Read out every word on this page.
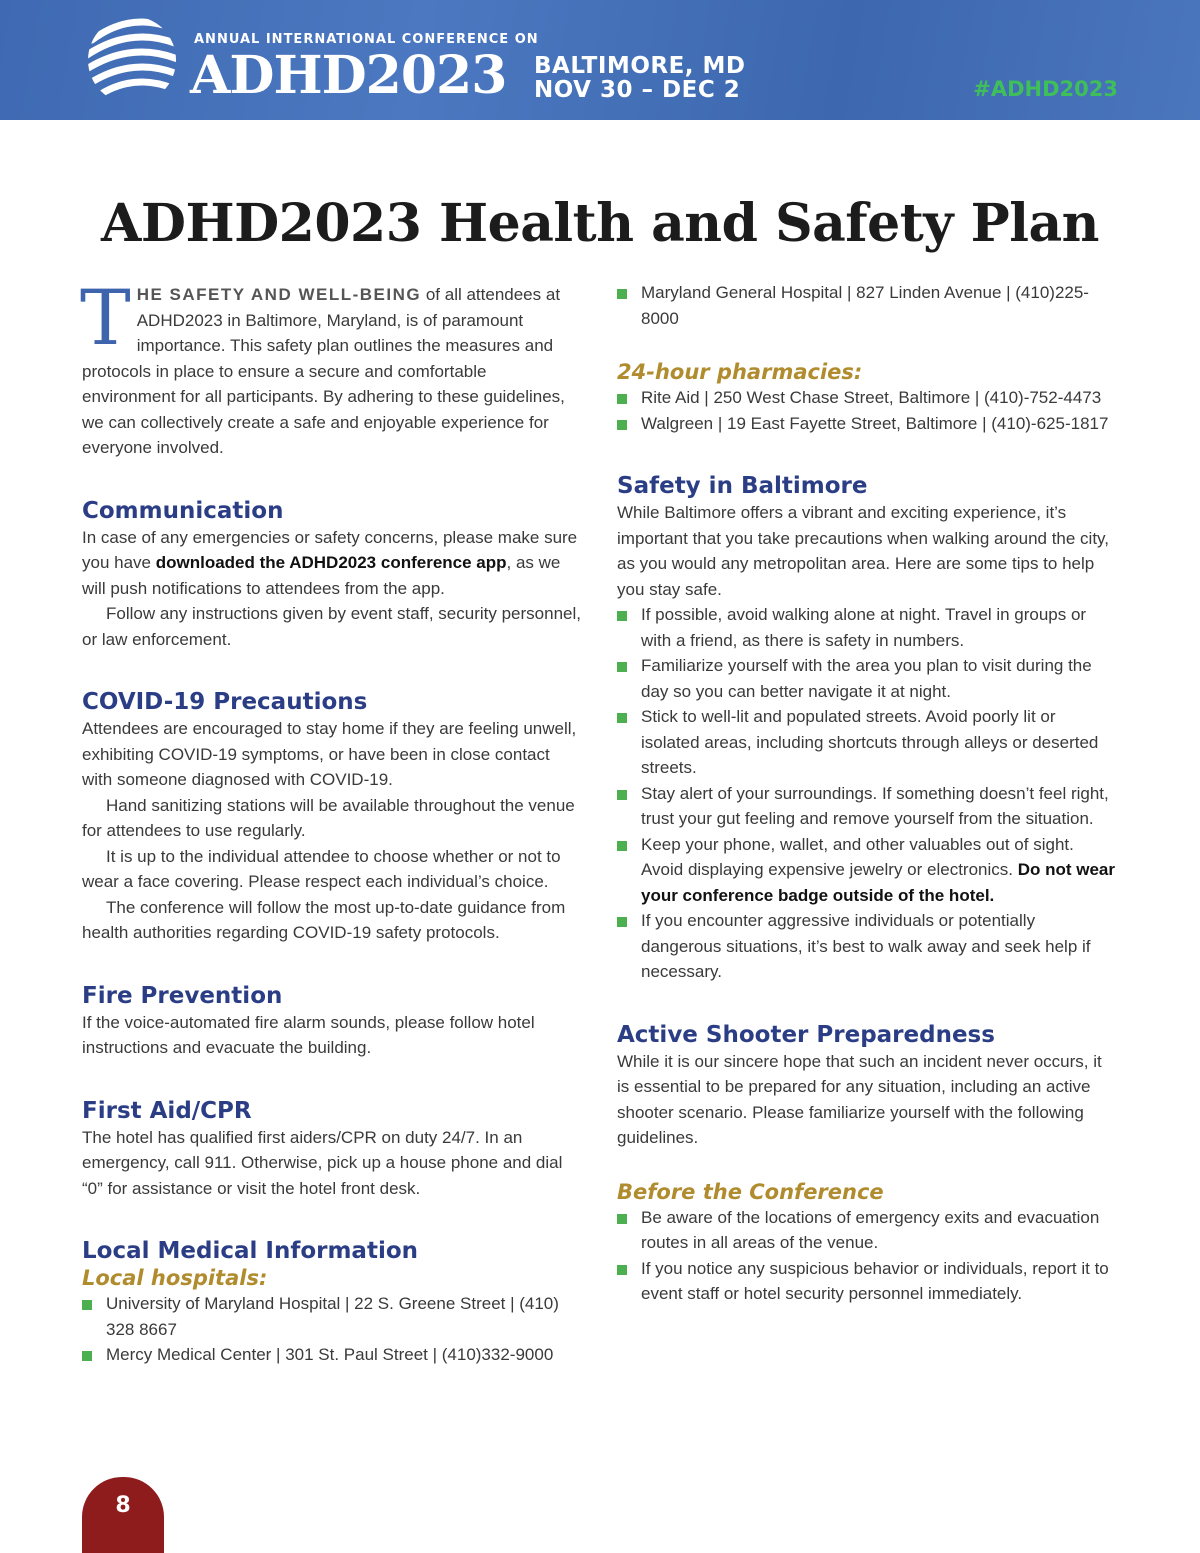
ANNUAL INTERNATIONAL CONFERENCE ON
ADHD2023 BALTIMORE, MD
NOV 30 – DEC 2	#ADHD2023
ADHD2023 Health and Safety Plan

THE SAFETY AND WELL-BEING of all attendees at ADHD2023 in Baltimore, Maryland, is of paramount importance. This safety plan outlines the measures and protocols in place to ensure a secure and comfortable environment for all participants. By adhering to these guidelines, we can collectively create a safe and enjoyable experience for everyone involved.

Communication

In case of any emergencies or safety concerns, please make sure you have downloaded the ADHD2023 conference app, as we will push notifications to attendees from the app.

Follow any instructions given by event staff, security personnel, or law enforcement.

COVID-19 Precautions

Attendees are encouraged to stay home if they are feeling unwell, exhibiting COVID-19 symptoms, or have been in close contact with someone diagnosed with COVID-19.

Hand sanitizing stations will be available throughout the venue for attendees to use regularly.

It is up to the individual attendee to choose whether or not to wear a face covering. Please respect each individual’s choice.

The conference will follow the most up-to-date guidance from health authorities regarding COVID-19 safety protocols.

Fire Prevention

If the voice-automated fire alarm sounds, please follow hotel instructions and evacuate the building.

First Aid/CPR

The hotel has qualified first aiders/CPR on duty 24/7. In an emergency, call 911. Otherwise, pick up a house phone and dial “0” for assistance or visit the hotel front desk.

Local Medical Information
Local hospitals:
University of Maryland Hospital | 22 S. Greene Street | (410) 328 8667
Mercy Medical Center | 301 St. Paul Street | (410)332-9000
Maryland General Hospital | 827 Linden Avenue | (410)225-8000
24-hour pharmacies:
Rite Aid | 250 West Chase Street, Baltimore | (410)-752-4473
Walgreen | 19 East Fayette Street, Baltimore | (410)-625-1817
Safety in Baltimore

While Baltimore offers a vibrant and exciting experience, it’s important that you take precautions when walking around the city, as you would any metropolitan area. Here are some tips to help you stay safe.

If possible, avoid walking alone at night. Travel in groups or with a friend, as there is safety in numbers.
Familiarize yourself with the area you plan to visit during the day so you can better navigate it at night.
Stick to well-lit and populated streets. Avoid poorly lit or isolated areas, including shortcuts through alleys or deserted streets.
Stay alert of your surroundings. If something doesn’t feel right, trust your gut feeling and remove yourself from the situation.
Keep your phone, wallet, and other valuables out of sight. Avoid displaying expensive jewelry or electronics. Do not wear your conference badge outside of the hotel.
If you encounter aggressive individuals or potentially dangerous situations, it’s best to walk away and seek help if necessary.
Active Shooter Preparedness

While it is our sincere hope that such an incident never occurs, it is essential to be prepared for any situation, including an active shooter scenario. Please familiarize yourself with the following guidelines.

Before the Conference
Be aware of the locations of emergency exits and evacuation routes in all areas of the venue.
If you notice any suspicious behavior or individuals, report it to event staff or hotel security personnel immediately.
8
